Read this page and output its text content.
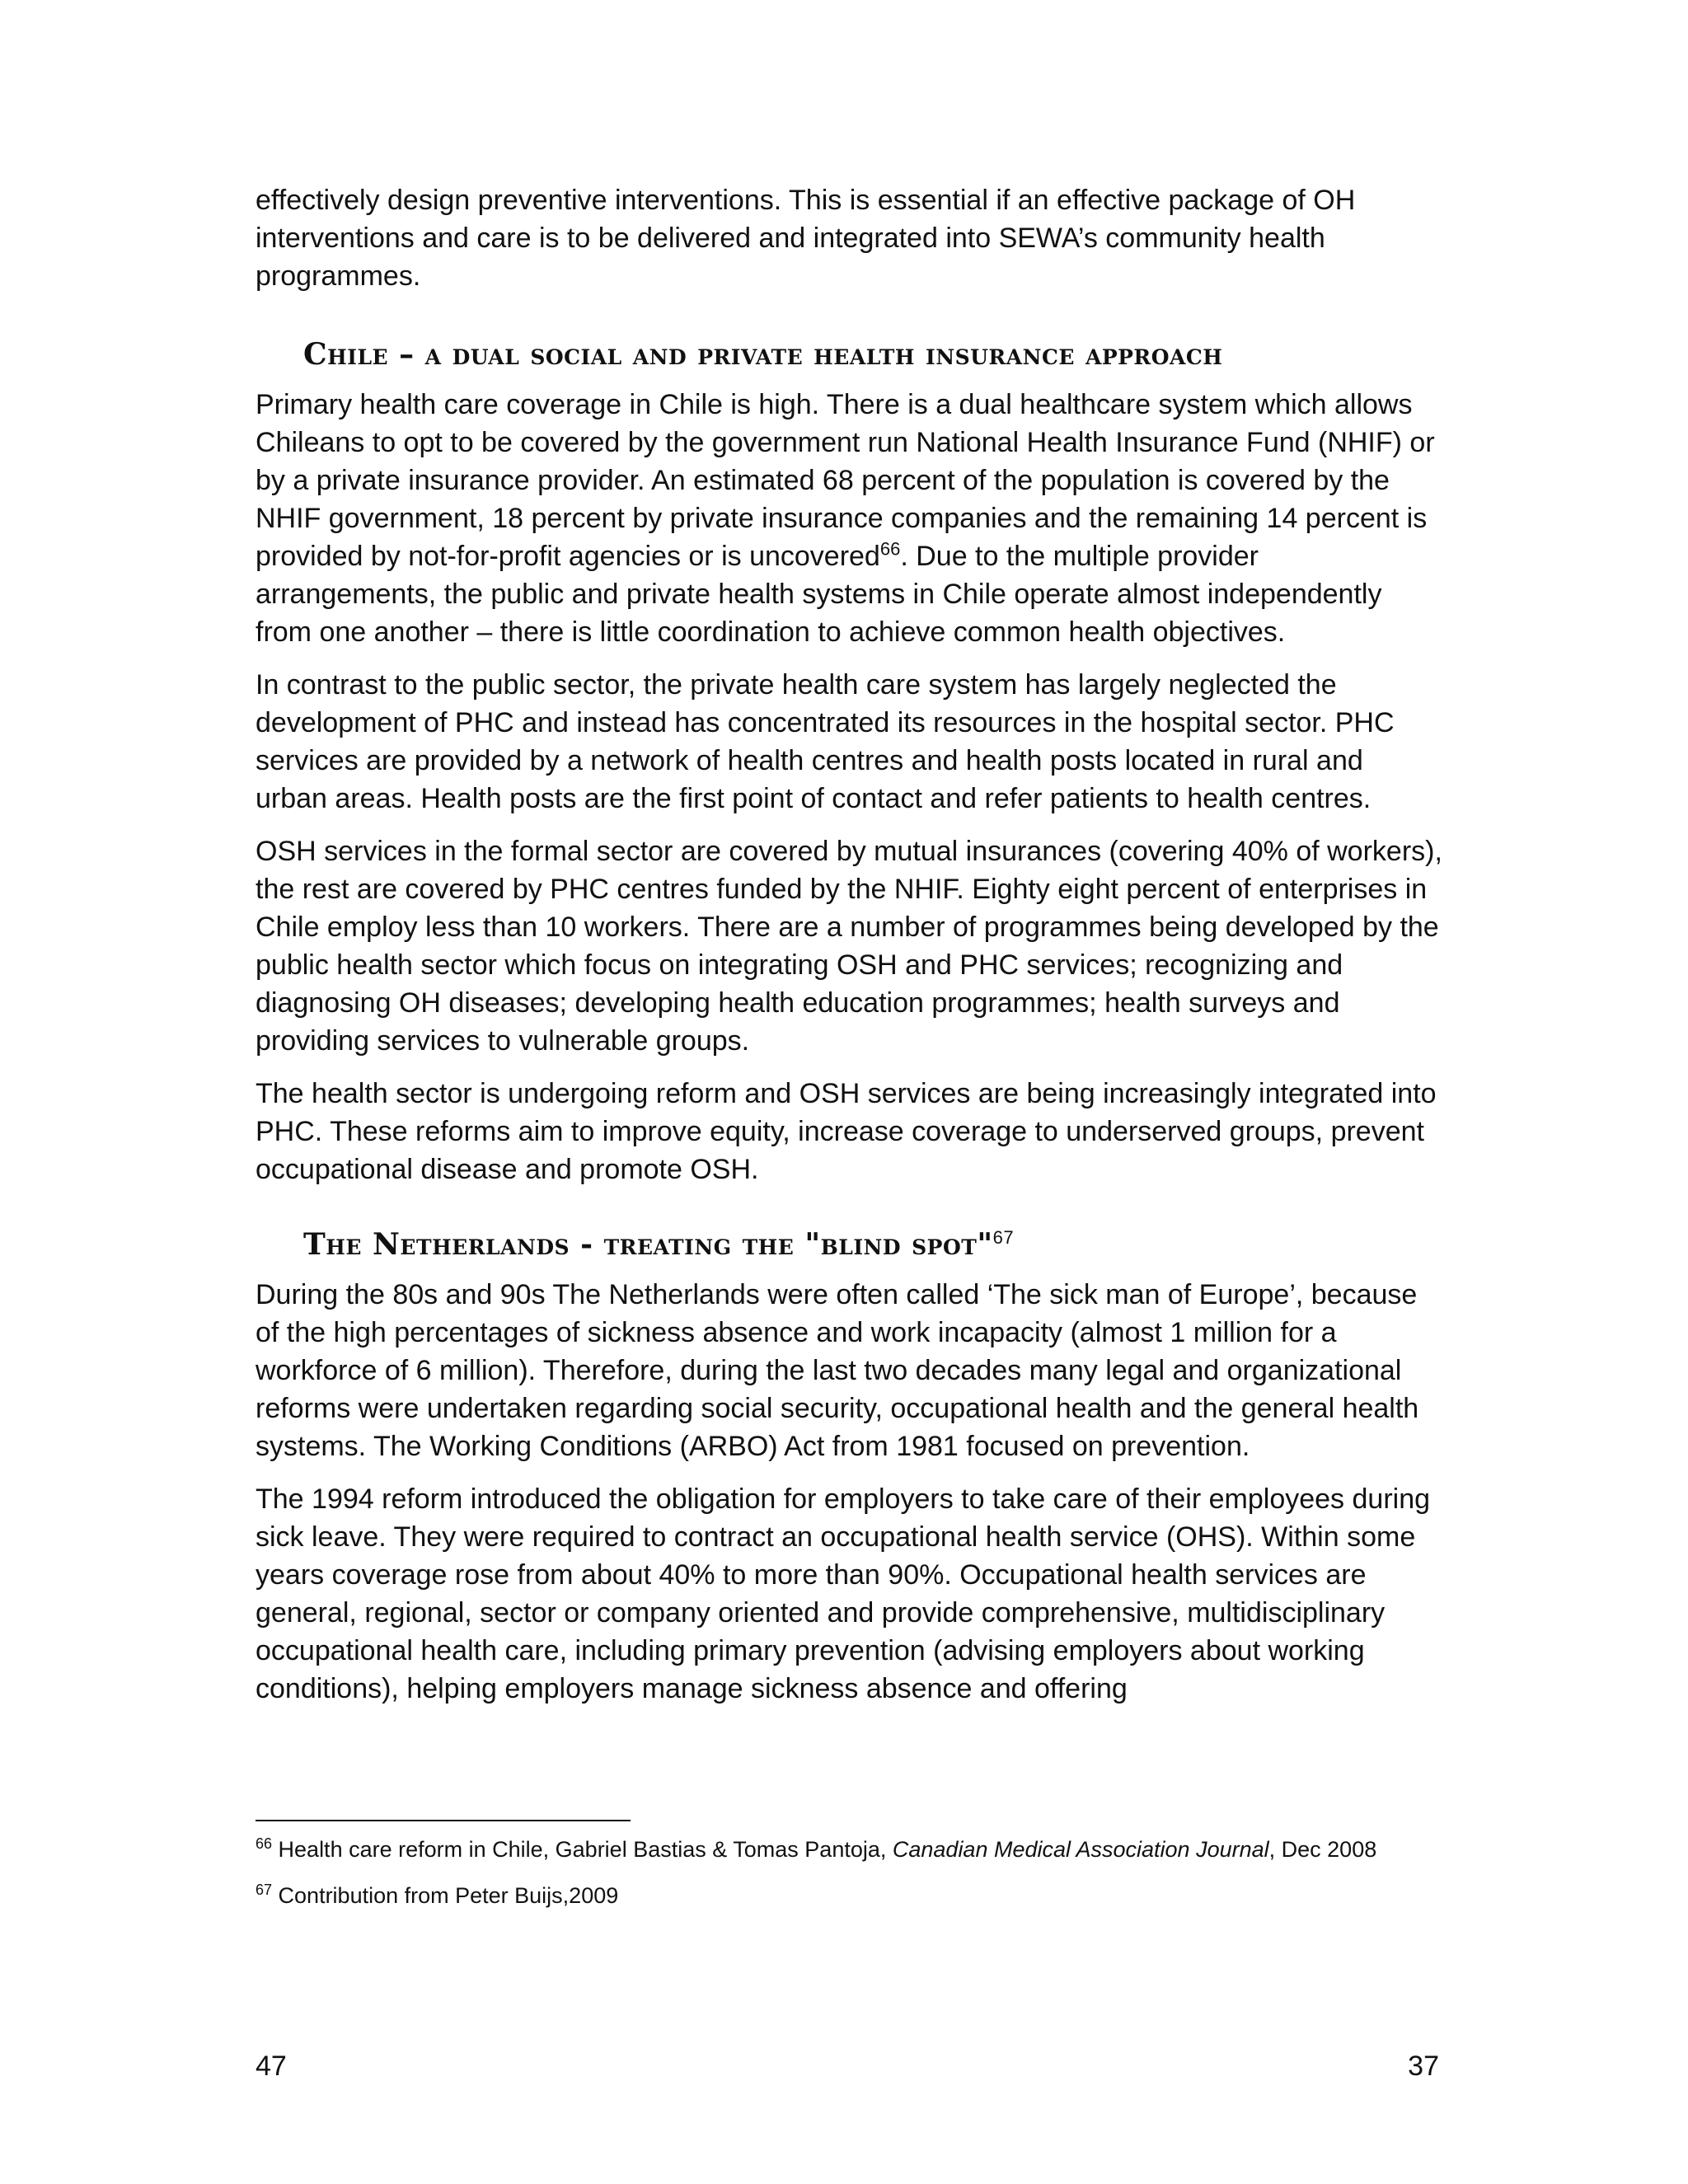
effectively design preventive interventions. This is essential if an effective package of OH interventions and care is to be delivered and integrated into SEWA’s community health programmes.

Chile – a dual social and private health insurance approach

Primary health care coverage in Chile is high. There is a dual healthcare system which allows Chileans to opt to be covered by the government run National Health Insurance Fund (NHIF) or by a private insurance provider. An estimated 68 percent of the population is covered by the NHIF government, 18 percent by private insurance companies and the remaining 14 percent is provided by not-for-profit agencies or is uncovered$^{66}$. Due to the multiple provider arrangements, the public and private health systems in Chile operate almost independently from one another – there is little coordination to achieve common health objectives.

In contrast to the public sector, the private health care system has largely neglected the development of PHC and instead has concentrated its resources in the hospital sector. PHC services are provided by a network of health centres and health posts located in rural and urban areas. Health posts are the first point of contact and refer patients to health centres.

OSH services in the formal sector are covered by mutual insurances (covering 40% of workers), the rest are covered by PHC centres funded by the NHIF. Eighty eight percent of enterprises in Chile employ less than 10 workers. There are a number of programmes being developed by the public health sector which focus on integrating OSH and PHC services; recognizing and diagnosing OH diseases; developing health education programmes; health surveys and providing services to vulnerable groups.

The health sector is undergoing reform and OSH services are being increasingly integrated into PHC. These reforms aim to improve equity, increase coverage to underserved groups, prevent occupational disease and promote OSH.

The Netherlands - treating the "blind spot"$^{67}$

During the 80s and 90s The Netherlands were often called ‘The sick man of Europe’, because of the high percentages of sickness absence and work incapacity (almost 1 million for a workforce of 6 million). Therefore, during the last two decades many legal and organizational reforms were undertaken regarding social security, occupational health and the general health systems. The Working Conditions (ARBO) Act from 1981 focused on prevention.

The 1994 reform introduced the obligation for employers to take care of their employees during sick leave. They were required to contract an occupational health service (OHS). Within some years coverage rose from about 40% to more than 90%. Occupational health services are general, regional, sector or company oriented and provide comprehensive, multidisciplinary occupational health care, including primary prevention (advising employers about working conditions), helping employers manage sickness absence and offering

$^{66}$ Health care reform in Chile, Gabriel Bastias & Tomas Pantoja, Canadian Medical Association Journal, Dec 2008

$^{67}$ Contribution from Peter Buijs,2009

47	37
